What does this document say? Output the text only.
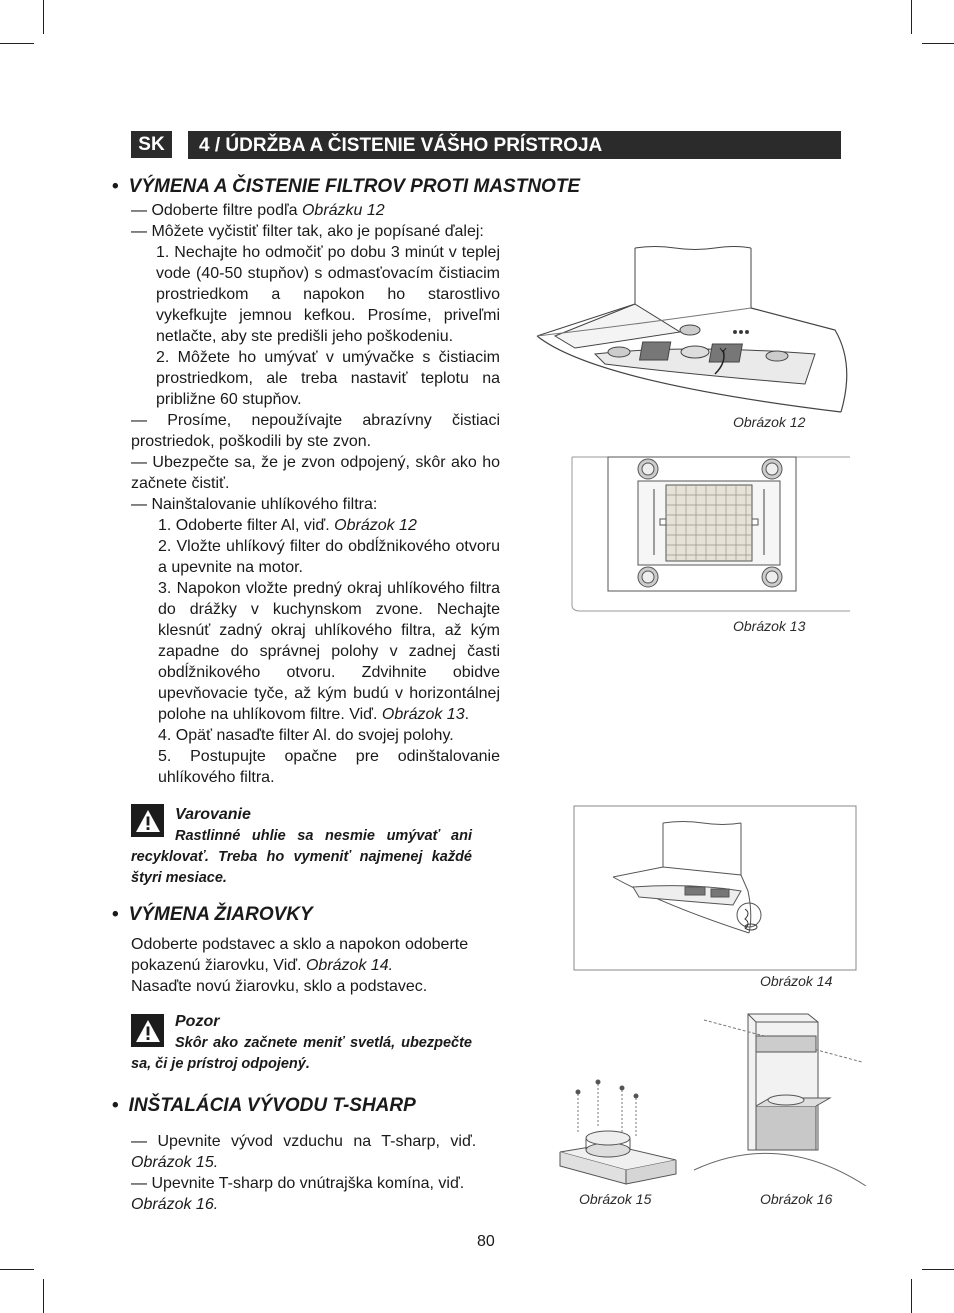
SK	4 / ÚDRŽBA A ČISTENIE VÁŠHO PRÍSTROJA
• VÝMENA A ČISTENIE FILTROV PROTI MASTNOTE
— Odoberte filtre podľa Obrázku 12
— Môžete vyčistiť filter tak, ako je popísané ďalej:
1. Nechajte ho odmočiť po dobu 3 minút v teplej vode (40-50 stupňov) s odmasťovacím čistiacim prostriedkom a napokon ho starostlivo vykefkujte jemnou kefkou. Prosíme, priveľmi netlačte, aby ste predišli jeho poškodeniu.
2. Môžete ho umývať v umývačke s čistiacim prostriedkom, ale treba nastaviť teplotu na približne 60 stupňov.
— Prosíme, nepoužívajte abrazívny čistiaci prostriedok, poškodili by ste zvon.
— Ubezpečte sa, že je zvon odpojený, skôr ako ho začnete čistiť.
— Nainštalovanie uhlíkového filtra:
1. Odoberte filter Al, viď. Obrázok 12
2. Vložte uhlíkový filter do obdĺžnikového otvoru a upevnite na motor.
3. Napokon vložte predný okraj uhlíkového filtra do drážky v kuchynskom zvone. Nechajte klesnúť zadný okraj uhlíkového filtra, až kým zapadne do správnej polohy v zadnej časti obdĺžnikového otvoru. Zdvihnite obidve upevňovacie tyče, až kým budú v horizontálnej polohe na uhlíkovom filtre. Viď. Obrázok 13.
4. Opäť nasaďte filter Al. do svojej polohy.
5. Postupujte opačne pre odinštalovanie uhlíkového filtra.
Varovanie
Rastlinné uhlie sa nesmie umývať ani recyklovať. Treba ho vymeniť najmenej každé štyri mesiace.
• VÝMENA ŽIAROVKY
Odoberte podstavec a sklo a napokon odoberte
pokazenú žiarovku, Viď. Obrázok 14.
Nasaďte novú žiarovku, sklo a podstavec.
Pozor
Skôr ako začnete meniť svetlá, ubezpečte sa, či je prístroj odpojený.
• INŠTALÁCIA VÝVODU T-SHARP
— Upevnite vývod vzduchu na T-sharp, viď.
Obrázok 15.
— Upevnite T-sharp do vnútrajška komína, viď.
Obrázok 16.
Obrázok 12
Obrázok 13
Obrázok 14
Obrázok 15	Obrázok 16
80
